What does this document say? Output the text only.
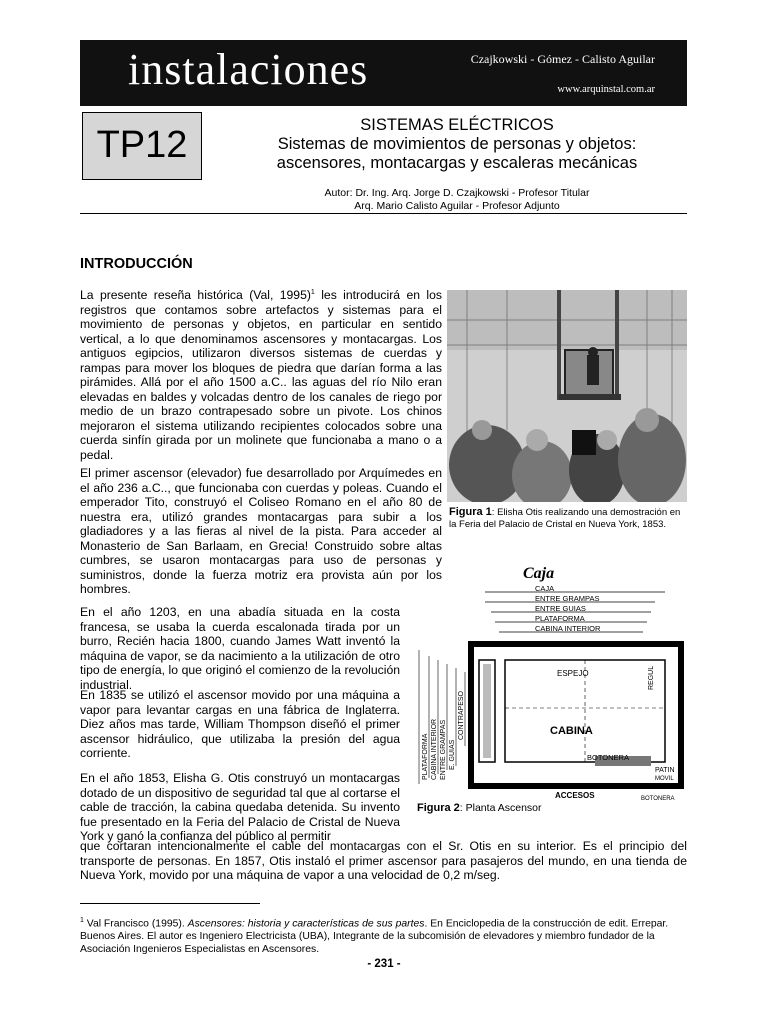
instalaciones	Czajkowski - Gómez - Calisto Aguilar
www.arquinstal.com.ar
TP12	SISTEMAS ELÉCTRICOS
Sistemas de movimientos de personas y objetos:
ascensores, montacargas y escaleras mecánicas
Autor: Dr. Ing. Arq. Jorge D. Czajkowski - Profesor Titular
Arq. Mario Calisto Aguilar - Profesor Adjunto
INTRODUCCIÓN

La presente reseña histórica (Val, 1995)$^1$ les introducirá en los registros que contamos sobre artefactos y sistemas para el movimiento de personas y objetos, en particular en sentido vertical, a lo que denominamos ascensores y montacargas. Los antiguos egipcios, utilizaron diversos sistemas de cuerdas y rampas para mover los bloques de piedra que darían forma a las pirámides. Allá por el año 1500 a.C.. las aguas del río Nilo eran elevadas en baldes y volcadas dentro de los canales de riego por medio de un brazo contrapesado sobre un pivote. Los chinos mejoraron el sistema utilizando recipientes colocados sobre una cuerda sinfín girada por un molinete que funcionaba a mano o a pedal.

El primer ascensor (elevador) fue desarrollado por Arquímedes en el año 236 a.C.., que funcionaba con cuerdas y poleas. Cuando el emperador Tito, construyó el Coliseo Romano en el año 80 de nuestra era, utilizó grandes montacargas para subir a los gladiadores y a las fieras al nivel de la pista. Para acceder al Monasterio de San Barlaam, en Grecia! Construido sobre altas cumbres, se usaron montacargas para uso de personas y suministros, donde la fuerza motriz era provista aún por los hombres.

En el año 1203, en una abadía situada en la costa francesa, se usaba la cuerda escalonada tirada por un burro, Recién hacia 1800, cuando James Watt inventó la máquina de vapor, se da nacimiento a la utilización de otro tipo de energía, lo que originó el comienzo de la revolución industrial.

En 1835 se utilizó el ascensor movido por una máquina a vapor para levantar cargas en una fábrica de Inglaterra. Diez años mas tarde, William Thompson diseñó el primer ascensor hidráulico, que utilizaba la presión del agua corriente.

En el año 1853, Elisha G. Otis construyó un montacargas dotado de un dispositivo de seguridad tal que al cortarse el cable de tracción, la cabina quedaba detenida. Su invento fue presentado en la Feria del Palacio de Cristal de Nueva York y ganó la confianza del público al permitir

que cortaran intencionalmente el cable del montacargas con el Sr. Otis en su interior. Es el principio del transporte de personas. En 1857, Otis instaló el primer ascensor para pasajeros del mundo, en una tienda de Nueva York, movido por una máquina de vapor a una velocidad de 0,2 m/seg.

Figura 1: Elisha Otis realizando una demostración en la Feria del Palacio de Cristal en Nueva York, 1853.
Caja
CAJA
ENTRE GRAMPAS
ENTRE GUIAS
PLATAFORMA
CABINA INTERIOR
ESPEJO
CABINA
BOTONERA
PATIN
MOVIL
CERRADURA
ACCESOS	BOTONERA
REGUL
PLATAFORMA CABINA INTERIOR ENTRE GRAMPAS E. GUIAS
CONTRAPESO
Figura 2: Planta Ascensor
$^1$ Val Francisco (1995). Ascensores: historia y características de sus partes. En Enciclopedia de la construcción de edit. Errepar. Buenos Aires. El autor es Ingeniero Electricista (UBA), Integrante de la subcomisión de elevadores y miembro fundador de la Asociación Ingenieros Especialistas en Ascensores.
- 231 -
